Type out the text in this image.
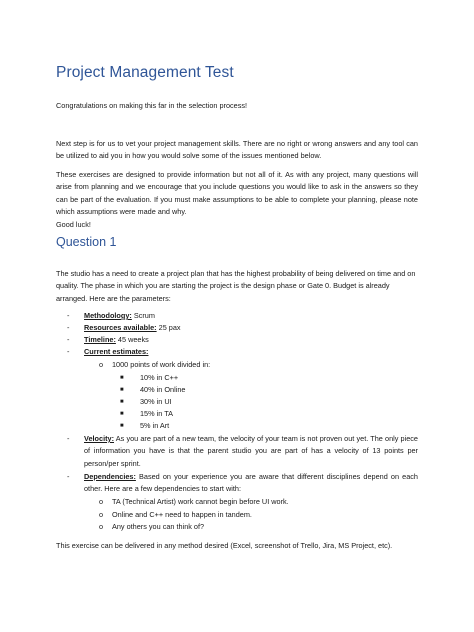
Project Management Test
Congratulations on making this far in the selection process!
Next step is for us to vet your project management skills. There are no right or wrong answers and any tool can be utilized to aid you in how you would solve some of the issues mentioned below.
These exercises are designed to provide information but not all of it. As with any project, many questions will arise from planning and we encourage that you include questions you would like to ask in the answers so they can be part of the evaluation. If you must make assumptions to be able to complete your planning, please note which assumptions were made and why.
Good luck!
Question 1
The studio has a need to create a project plan that has the highest probability of being delivered on time and on quality. The phase in which you are starting the project is the design phase or Gate 0. Budget is already arranged. Here are the parameters:
- Methodology: Scrum
- Resources available: 25 pax
- Timeline: 45 weeks
- Current estimates:
o 1000 points of work divided in:
■ 10% in C++
■ 40% in Online
■ 30% in UI
■ 15% in TA
■ 5% in Art
- Velocity: As you are part of a new team, the velocity of your team is not proven out yet. The only piece of information you have is that the parent studio you are part of has a velocity of 13 points per person/per sprint.
- Dependencies: Based on your experience you are aware that different disciplines depend on each other. Here are a few dependencies to start with:
o TA (Technical Artist) work cannot begin before UI work.
o Online and C++ need to happen in tandem.
o Any others you can think of?
This exercise can be delivered in any method desired (Excel, screenshot of Trello, Jira, MS Project, etc).
